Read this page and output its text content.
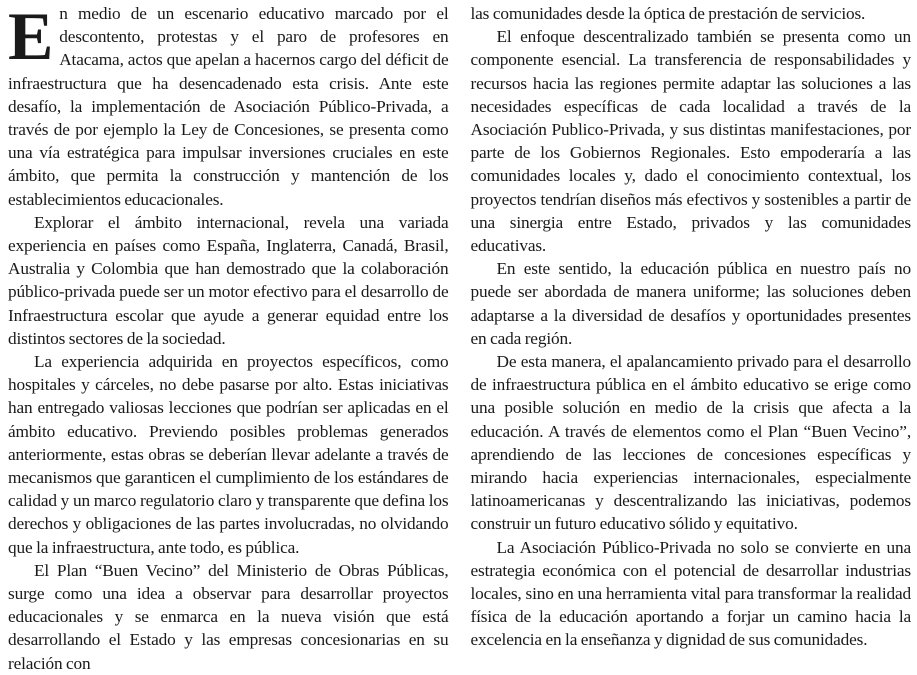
En medio de un escenario educativo marcado por el descontento, protestas y el paro de profesores en Atacama, actos que apelan a hacernos cargo del déficit de infraestructura que ha desencadenado esta crisis. Ante este desafío, la implementación de Asociación Público-Privada, a través de por ejemplo la Ley de Concesiones, se presenta como una vía estratégica para impulsar inversiones cruciales en este ámbito, que permita la construcción y mantención de los establecimientos educacionales.

Explorar el ámbito internacional, revela una variada experiencia en países como España, Inglaterra, Canadá, Brasil, Australia y Colombia que han demostrado que la colaboración público-privada puede ser un motor efectivo para el desarrollo de Infraestructura escolar que ayude a generar equidad entre los distintos sectores de la sociedad.

La experiencia adquirida en proyectos específicos, como hospitales y cárceles, no debe pasarse por alto. Estas iniciativas han entregado valiosas lecciones que podrían ser aplicadas en el ámbito educativo. Previendo posibles problemas generados anteriormente, estas obras se deberían llevar adelante a través de mecanismos que garanticen el cumplimiento de los estándares de calidad y un marco regulatorio claro y transparente que defina los derechos y obligaciones de las partes involucradas, no olvidando que la infraestructura, ante todo, es pública.

El Plan “Buen Vecino” del Ministerio de Obras Públicas, surge como una idea a observar para desarrollar proyectos educacionales y se enmarca en la nueva visión que está desarrollando el Estado y las empresas concesionarias en su relación con

las comunidades desde la óptica de prestación de servicios.

El enfoque descentralizado también se presenta como un componente esencial. La transferencia de responsabilidades y recursos hacia las regiones permite adaptar las soluciones a las necesidades específicas de cada localidad a través de la Asociación Publico-Privada, y sus distintas manifestaciones, por parte de los Gobiernos Regionales. Esto empoderaría a las comunidades locales y, dado el conocimiento contextual, los proyectos tendrían diseños más efectivos y sostenibles a partir de una sinergia entre Estado, privados y las comunidades educativas.

En este sentido, la educación pública en nuestro país no puede ser abordada de manera uniforme; las soluciones deben adaptarse a la diversidad de desafíos y oportunidades presentes en cada región.

De esta manera, el apalancamiento privado para el desarrollo de infraestructura pública en el ámbito educativo se erige como una posible solución en medio de la crisis que afecta a la educación. A través de elementos como el Plan “Buen Vecino”, aprendiendo de las lecciones de concesiones específicas y mirando hacia experiencias internacionales, especialmente latinoamericanas y descentralizando las iniciativas, podemos construir un futuro educativo sólido y equitativo.

La Asociación Público-Privada no solo se convierte en una estrategia económica con el potencial de desarrollar industrias locales, sino en una herramienta vital para transformar la realidad física de la educación aportando a forjar un camino hacia la excelencia en la enseñanza y dignidad de sus comunidades.
